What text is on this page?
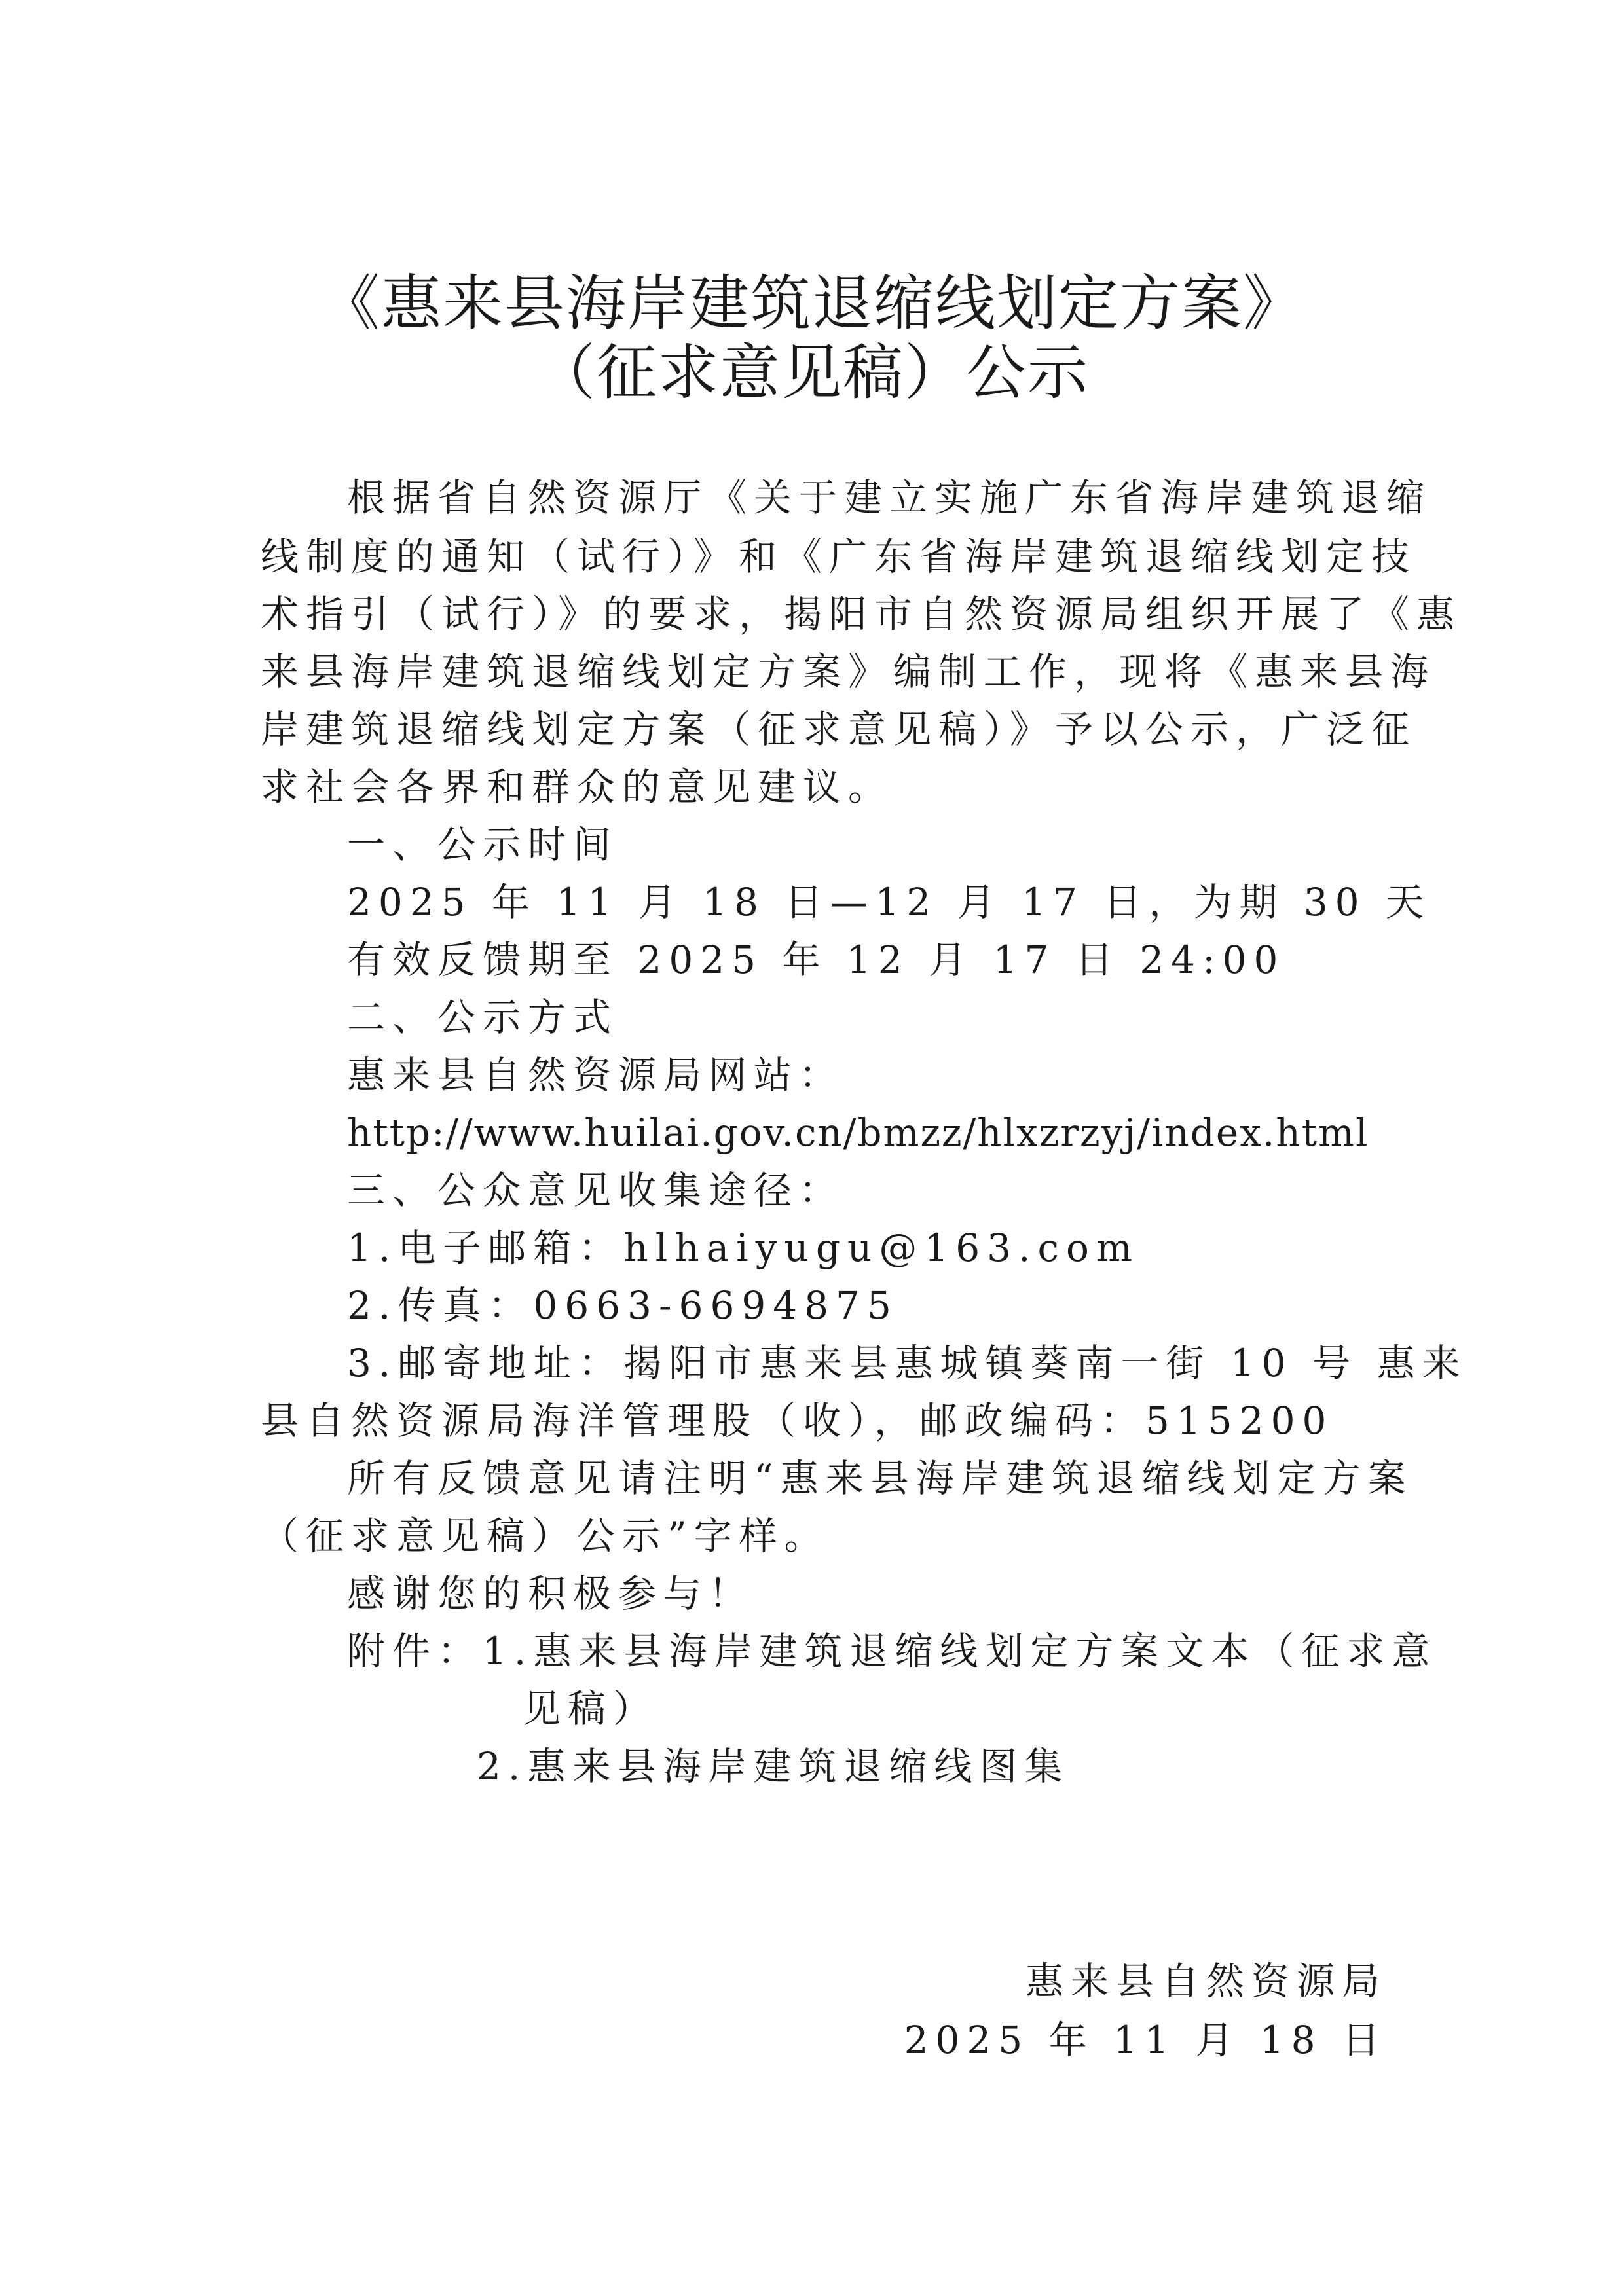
《惠来县海岸建筑退缩线划定方案》
（征求意见稿）公示
根据省自然资源厅《关于建立实施广东省海岸建筑退缩
线制度的通知（试行）》和《广东省海岸建筑退缩线划定技
术指引（试行）》的要求，揭阳市自然资源局组织开展了《惠
来县海岸建筑退缩线划定方案》编制工作，现将《惠来县海
岸建筑退缩线划定方案（征求意见稿）》予以公示，广泛征
求社会各界和群众的意见建议。
一、公示时间
2025 年 11 月 18 日—12 月 17 日，为期 30 天
有效反馈期至 2025 年 12 月 17 日 24:00
二、公示方式
惠来县自然资源局网站：
http://www.huilai.gov.cn/bmzz/hlxzrzyj/index.html
三、公众意见收集途径：
1.电子邮箱：hlhaiyugu@163.com
2.传真：0663-6694875
3.邮寄地址：揭阳市惠来县惠城镇葵南一街 10 号 惠来
县自然资源局海洋管理股（收），邮政编码：515200
所有反馈意见请注明“惠来县海岸建筑退缩线划定方案
（征求意见稿）公示”字样。
感谢您的积极参与！
附件：1.惠来县海岸建筑退缩线划定方案文本（征求意
见稿）
2.惠来县海岸建筑退缩线图集
惠来县自然资源局
2025 年 11 月 18 日
